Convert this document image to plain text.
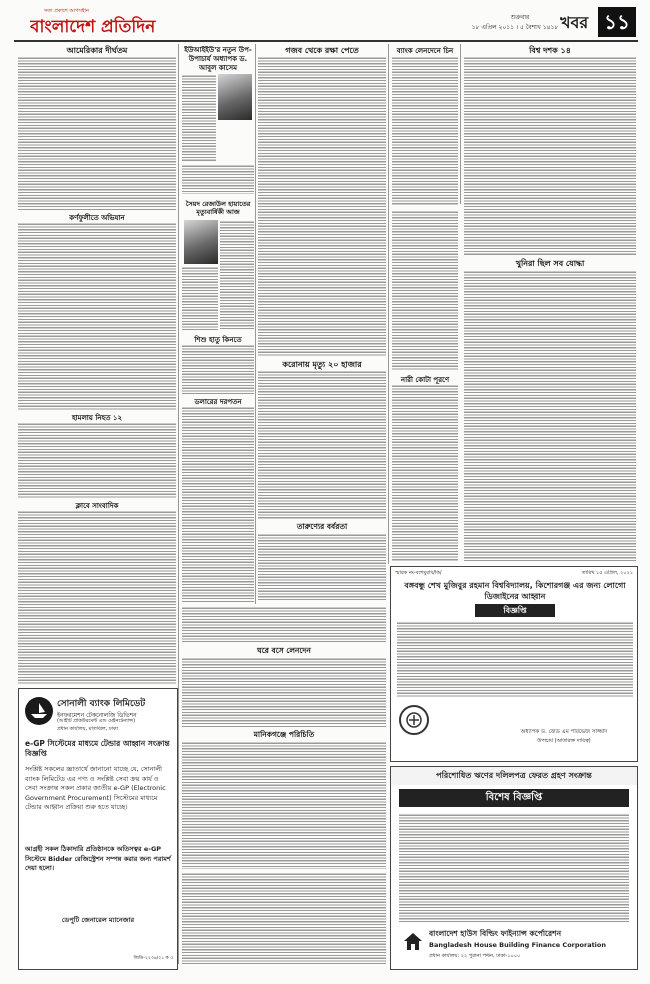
সত্য প্রকাশে আপসহীন
বাংলাদেশ প্রতিদিন	শুক্রবার
১৮ এপ্রিল ২০১১ । ৫ বৈশাখ ১৪১৮ খবর ১১
আমেরিকার দীর্ঘতম
কর্ণফুলীতে অভিযান
হামলায় নিহত ১২
ক্লাবে সাংবাদিক
সোনালী ব্যাংক লিমিডেট
ইনফরমেশন টেকনোলজি ডিভিশন
(আইটি প্রকিউরমেন্ট এন্ড মেইনটেন্যান্স)
প্রধান কার্যালয়, মতিঝিল, ঢাকা
e-GP সিস্টেমের মাধ্যমে টেন্ডার আহ্বান সংক্রান্ত বিজ্ঞপ্তি
সংশ্লিষ্ট সকলের জ্ঞাতার্থে জানানো যাচ্ছে যে, সোনালী ব্যাংক লিমিটেড এর পণ্য ও সংশ্লিষ্ট সেবা ক্রয় কার্য ও সেবা সংক্রান্ত সকল প্রকার জাতীয় e-GP (Electronic Government Procurement) সিস্টেমের মাধ্যমে টেন্ডার আহ্বান প্রক্রিয়া শুরু হতে যাচ্ছে।
আগ্রহী সকল ঠিকাদারি প্রতিষ্ঠানকে অতিসত্বর e-GP সিস্টেমে Bidder রেজিস্ট্রেশন সম্পন্ন করার জন্য পরামর্শ দেয়া হলো।
ডেপুটি জেনারেল ম্যানেজার
জিডি-২২৩৬/২১ ক ৩
ইউআইইউ'র নতুন উপ-উপাচার্য অধ্যাপক ড. আবুল কাসেম
সৈয়দ রেজাউল হায়াতের মৃত্যুবার্ষিকী আজ
শিশু হাতু কিনতে
ডলারের দরপতন
গজব থেকে রক্ষা পেতে
করোনায় মৃত্যু ২০ হাজার
তারুণ্যের বর্বরতা
ঘরে বসে লেনদেন
মানিকগঞ্জে পরিচিতি
ব্যাংক লেনদেনে চিন
নারী কোটা পূরণে
বিশ্ব দশক ১৪
খুনিরা ছিল সব যোদ্ধা
স্মারক নং-বশেমুরবি/কি/	তারিখ ১৫ এপ্রিল, ২০২১
বঙ্গবন্ধু শেখ মুজিবুর রহমান বিশ্ববিদ্যালয়, কিশোরগঞ্জ এর জন্য লোগো ডিজাইনের আহ্বান
বিজ্ঞপ্তি
অধ্যাপক ড. জেড এম পারভেজ সাজ্জাদ
উপাচার্য (অতিরিক্ত দায়িত্ব)
পরিশোধিত ঋণের দলিলপত্র ফেরত গ্রহণ সংক্রান্ত
বিশেষ বিজ্ঞপ্তি
বাংলাদেশ হাউস বিল্ডিং ফাইন্যান্স কর্পোরেশন
Bangladesh House Building Finance Corporation
প্রধান কার্যালয়: ২২ পুরানা পল্টন, ঢাকা-১০০০
